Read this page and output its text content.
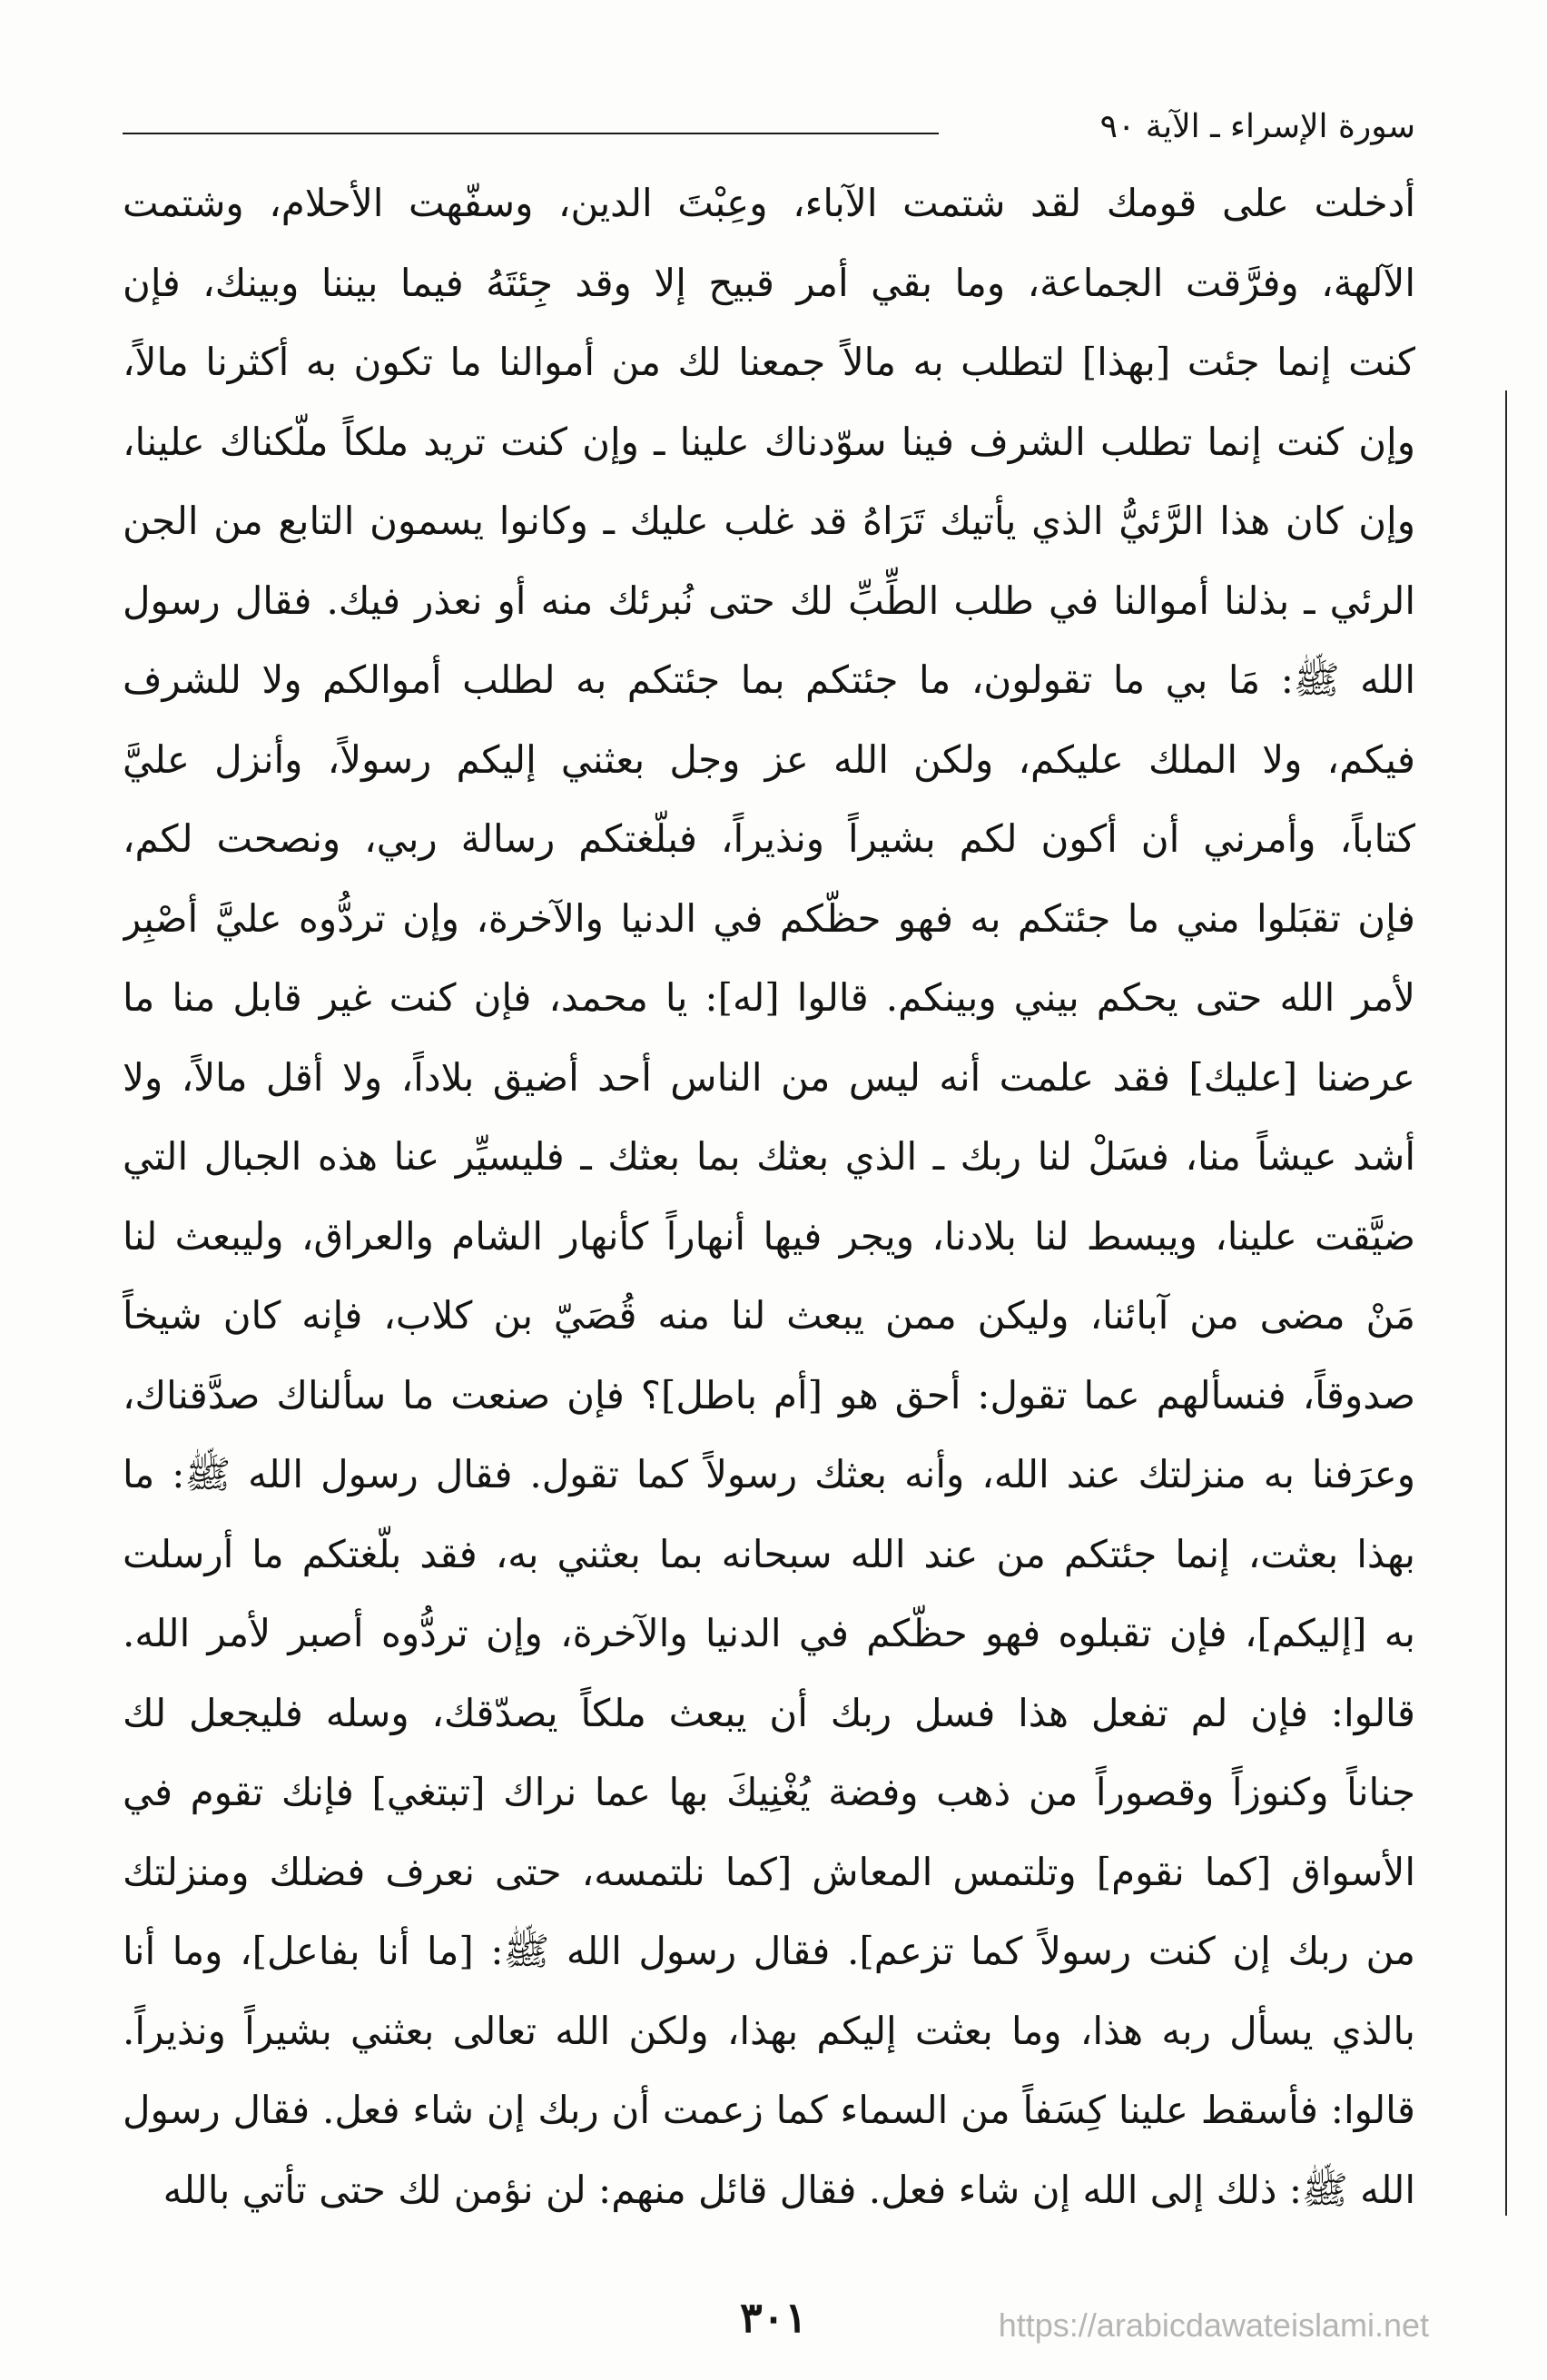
سورة الإسراء ـ الآية ٩٠
أدخلت على قومك لقد شتمت الآباء، وعِبْتَ الدين، وسفّهت الأحلام، وشتمت
الآلهة، وفرَّقت الجماعة، وما بقي أمر قبيح إلا وقد جِئتَهُ فيما بيننا وبينك، فإن
كنت إنما جئت [بهذا] لتطلب به مالاً جمعنا لك من أموالنا ما تكون به أكثرنا مالاً،
وإن كنت إنما تطلب الشرف فينا سوّدناك علينا ـ وإن كنت تريد ملكاً ملّكناك علينا،
وإن كان هذا الرَّئيُّ الذي يأتيك تَرَاهُ قد غلب عليك ـ وكانوا يسمون التابع من الجن
الرئي ـ بذلنا أموالنا في طلب الطِّبِّ لك حتى نُبرئك منه أو نعذر فيك. فقال رسول
الله ﷺ: مَا بي ما تقولون، ما جئتكم بما جئتكم به لطلب أموالكم ولا للشرف
فيكم، ولا الملك عليكم، ولكن الله عز وجل بعثني إليكم رسولاً، وأنزل عليَّ
كتاباً، وأمرني أن أكون لكم بشيراً ونذيراً، فبلّغتكم رسالة ربي، ونصحت لكم،
فإن تقبَلوا مني ما جئتكم به فهو حظّكم في الدنيا والآخرة، وإن تردُّوه عليَّ أصْبِر
لأمر الله حتى يحكم بيني وبينكم. قالوا [له]: يا محمد، فإن كنت غير قابل منا ما
عرضنا [عليك] فقد علمت أنه ليس من الناس أحد أضيق بلاداً، ولا أقل مالاً، ولا
أشد عيشاً منا، فسَلْ لنا ربك ـ الذي بعثك بما بعثك ـ فليسيِّر عنا هذه الجبال التي
ضيَّقت علينا، ويبسط لنا بلادنا، ويجر فيها أنهاراً كأنهار الشام والعراق، وليبعث لنا
مَنْ مضى من آبائنا، وليكن ممن يبعث لنا منه قُصَيّ بن كلاب، فإنه كان شيخاً
صدوقاً، فنسألهم عما تقول: أحق هو [أم باطل]؟ فإن صنعت ما سألناك صدَّقناك،
وعرَفنا به منزلتك عند الله، وأنه بعثك رسولاً كما تقول. فقال رسول الله ﷺ: ما
بهذا بعثت، إنما جئتكم من عند الله سبحانه بما بعثني به، فقد بلّغتكم ما أرسلت
به [إليكم]، فإن تقبلوه فهو حظّكم في الدنيا والآخرة، وإن تردُّوه أصبر لأمر الله.
قالوا: فإن لم تفعل هذا فسل ربك أن يبعث ملكاً يصدّقك، وسله فليجعل لك
جناناً وكنوزاً وقصوراً من ذهب وفضة يُغْنِيكَ بها عما نراك [تبتغي] فإنك تقوم في
الأسواق [كما نقوم] وتلتمس المعاش [كما نلتمسه، حتى نعرف فضلك ومنزلتك
من ربك إن كنت رسولاً كما تزعم]. فقال رسول الله ﷺ: [ما أنا بفاعل]، وما أنا
بالذي يسأل ربه هذا، وما بعثت إليكم بهذا، ولكن الله تعالى بعثني بشيراً ونذيراً.
قالوا: فأسقط علينا كِسَفاً من السماء كما زعمت أن ربك إن شاء فعل. فقال رسول
الله ﷺ: ذلك إلى الله إن شاء فعل. فقال قائل منهم: لن نؤمن لك حتى تأتي بالله
٣٠١	https://arabicdawateislami.net
